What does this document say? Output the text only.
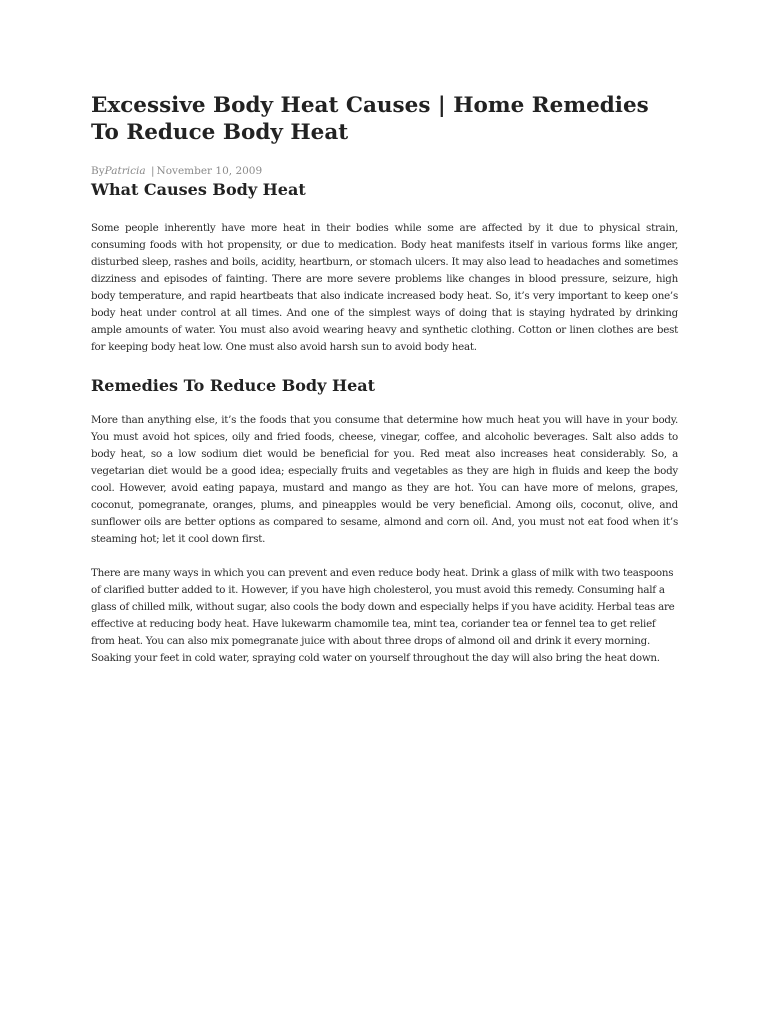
Excessive Body Heat Causes | Home Remedies To Reduce Body Heat
ByPatricia | November 10, 2009
What Causes Body Heat

Some people inherently have more heat in their bodies while some are affected by it due to physical strain, consuming foods with hot propensity, or due to medication. Body heat manifests itself in various forms like anger, disturbed sleep, rashes and boils, acidity, heartburn, or stomach ulcers. It may also lead to headaches and sometimes dizziness and episodes of fainting. There are more severe problems like changes in blood pressure, seizure, high body temperature, and rapid heartbeats that also indicate increased body heat. So, it’s very important to keep one’s body heat under control at all times. And one of the simplest ways of doing that is staying hydrated by drinking ample amounts of water. You must also avoid wearing heavy and synthetic clothing. Cotton or linen clothes are best for keeping body heat low. One must also avoid harsh sun to avoid body heat.

Remedies To Reduce Body Heat

More than anything else, it’s the foods that you consume that determine how much heat you will have in your body. You must avoid hot spices, oily and fried foods, cheese, vinegar, coffee, and alcoholic beverages. Salt also adds to body heat, so a low sodium diet would be beneficial for you. Red meat also increases heat considerably. So, a vegetarian diet would be a good idea; especially fruits and vegetables as they are high in fluids and keep the body cool. However, avoid eating papaya, mustard and mango as they are hot. You can have more of melons, grapes, coconut, pomegranate, oranges, plums, and pineapples would be very beneficial. Among oils, coconut, olive, and sunflower oils are better options as compared to sesame, almond and corn oil. And, you must not eat food when it’s steaming hot; let it cool down first.

There are many ways in which you can prevent and even reduce body heat. Drink a glass of milk with two teaspoons of clarified butter added to it. However, if you have high cholesterol, you must avoid this remedy. Consuming half a glass of chilled milk, without sugar, also cools the body down and especially helps if you have acidity. Herbal teas are effective at reducing body heat. Have lukewarm chamomile tea, mint tea, coriander tea or fennel tea to get relief from heat. You can also mix pomegranate juice with about three drops of almond oil and drink it every morning. Soaking your feet in cold water, spraying cold water on yourself throughout the day will also bring the heat down.
